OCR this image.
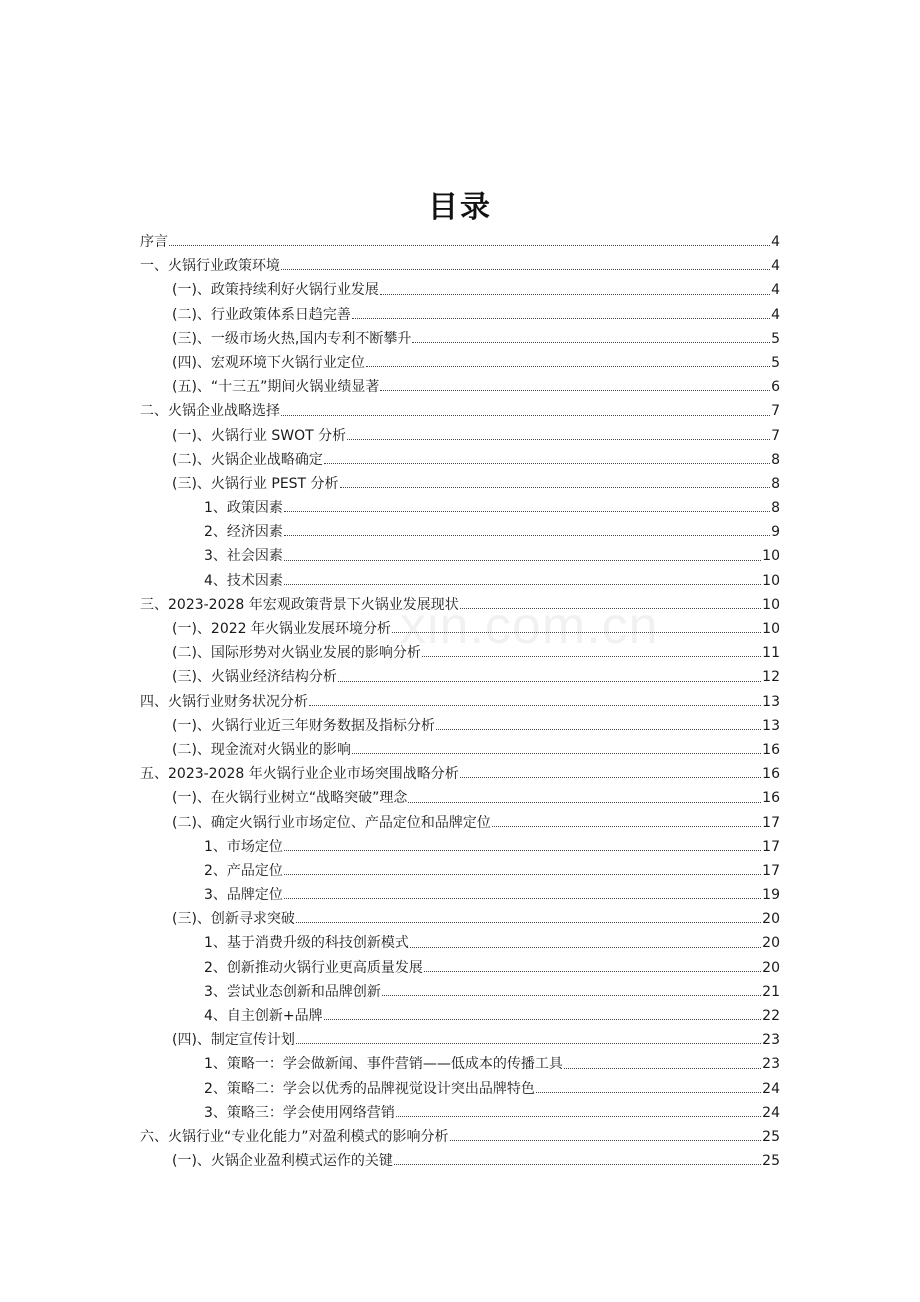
目录
xin.com.cn
序言	4
一、火锅行业政策环境	4
(一)、政策持续利好火锅行业发展	4
(二)、行业政策体系日趋完善	4
(三)、一级市场火热,国内专利不断攀升	5
(四)、宏观环境下火锅行业定位	5
(五)、“十三五”期间火锅业绩显著	6
二、火锅企业战略选择	7
(一)、火锅行业 SWOT 分析	7
(二)、火锅企业战略确定	8
(三)、火锅行业 PEST 分析	8
1、政策因素	8
2、经济因素	9
3、社会因素	10
4、技术因素	10
三、2023-2028 年宏观政策背景下火锅业发展现状	10
(一)、2022 年火锅业发展环境分析	10
(二)、国际形势对火锅业发展的影响分析	11
(三)、火锅业经济结构分析	12
四、火锅行业财务状况分析	13
(一)、火锅行业近三年财务数据及指标分析	13
(二)、现金流对火锅业的影响	16
五、2023-2028 年火锅行业企业市场突围战略分析	16
(一)、在火锅行业树立“战略突破”理念	16
(二)、确定火锅行业市场定位、产品定位和品牌定位	17
1、市场定位	17
2、产品定位	17
3、品牌定位	19
(三)、创新寻求突破	20
1、基于消费升级的科技创新模式	20
2、创新推动火锅行业更高质量发展	20
3、尝试业态创新和品牌创新	21
4、自主创新+品牌	22
(四)、制定宣传计划	23
1、策略一：学会做新闻、事件营销——低成本的传播工具	23
2、策略二：学会以优秀的品牌视觉设计突出品牌特色	24
3、策略三：学会使用网络营销	24
六、火锅行业“专业化能力”对盈利模式的影响分析	25
(一)、火锅企业盈利模式运作的关键	25
